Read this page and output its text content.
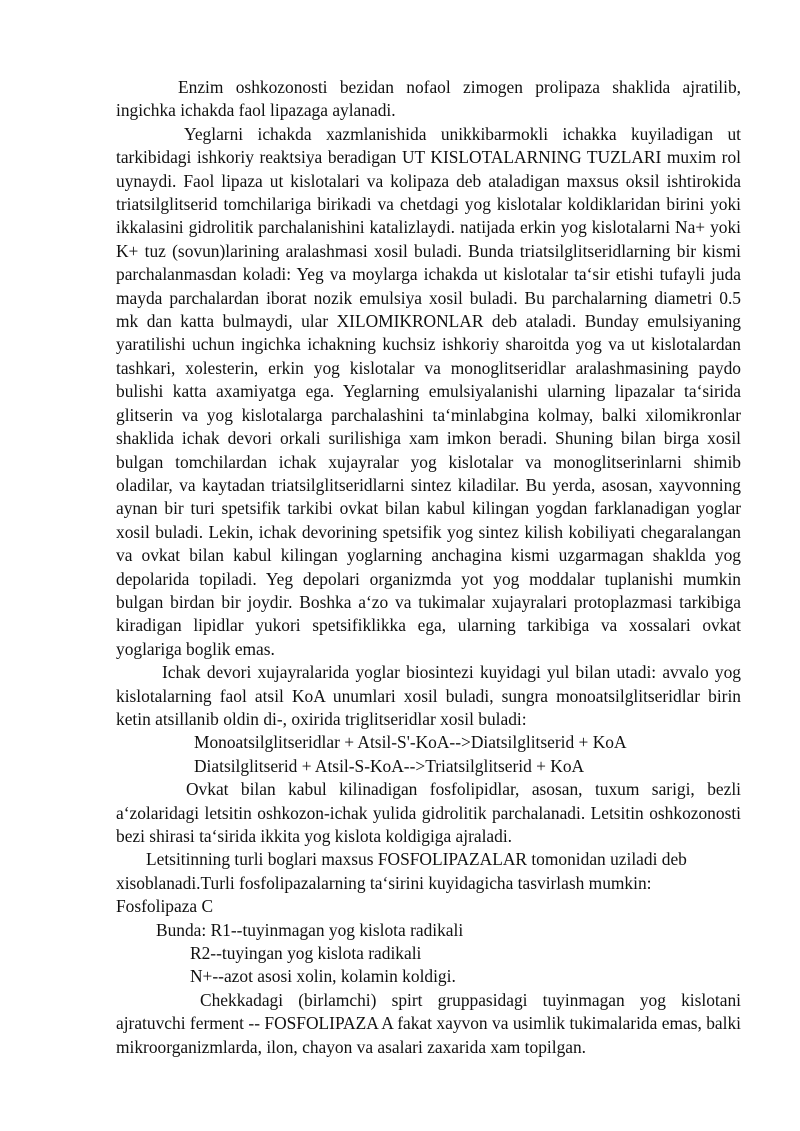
Enzim oshkozonosti bezidan nofaol zimogen prolipaza shaklida ajratilib, ingichka ichakda faol lipazaga aylanadi.

Yeglarni ichakda xazmlanishida unikkibarmokli ichakka kuyiladigan ut tarkibidagi ishkoriy reaktsiya beradigan UT KISLOTALARNING TUZLARI muxim rol uynaydi. Faol lipaza ut kislotalari va kolipaza deb ataladigan maxsus oksil ishtirokida triatsilglitserid tomchilariga birikadi va chetdagi yog kislotalar koldiklaridan birini yoki ikkalasini gidrolitik parchalanishini katalizlaydi. natijada erkin yog kislotalarni Na+ yoki K+ tuz (sovun)larining aralashmasi xosil buladi. Bunda triatsilglitseridlarning bir kismi parchalanmasdan koladi: Yeg va moylarga ichakda ut kislotalar ta‘sir etishi tufayli juda mayda parchalardan iborat nozik emulsiya xosil buladi. Bu parchalarning diametri 0.5 mk dan katta bulmaydi, ular XILOMIKRONLAR deb ataladi. Bunday emulsiyaning yaratilishi uchun ingichka ichakning kuchsiz ishkoriy sharoitda yog va ut kislotalardan tashkari, xolesterin, erkin yog kislotalar va monoglitseridlar aralashmasining paydo bulishi katta axamiyatga ega. Yeglarning emulsiyalanishi ularning lipazalar ta‘sirida glitserin va yog kislotalarga parchalashini ta‘minlabgina kolmay, balki xilomikronlar shaklida ichak devori orkali surilishiga xam imkon beradi. Shuning bilan birga xosil bulgan tomchilardan ichak xujayralar yog kislotalar va monoglitserinlarni shimib oladilar, va kaytadan triatsilglitseridlarni sintez kiladilar. Bu yerda, asosan, xayvonning aynan bir turi spetsifik tarkibi ovkat bilan kabul kilingan yogdan farklanadigan yoglar xosil buladi. Lekin, ichak devorining spetsifik yog sintez kilish kobiliyati chegaralangan va ovkat bilan kabul kilingan yoglarning anchagina kismi uzgarmagan shaklda yog depolarida topiladi. Yeg depolari organizmda yot yog moddalar tuplanishi mumkin bulgan birdan bir joydir. Boshka a‘zo va tukimalar xujayralari protoplazmasi tarkibiga kiradigan lipidlar yukori spetsifiklikka ega, ularning tarkibiga va xossalari ovkat yoglariga boglik emas.

Ichak devori xujayralarida yoglar biosintezi kuyidagi yul bilan utadi: avvalo yog kislotalarning faol atsil KoA unumlari xosil buladi, sungra monoatsilglitseridlar birin ketin atsillanib oldin di-, oxirida triglitseridlar xosil buladi:

Monoatsilglitseridlar + Atsil-S'-KoA-->Diatsilglitserid + KoA

Diatsilglitserid + Atsil-S-KoA-->Triatsilglitserid + KoA

Ovkat bilan kabul kilinadigan fosfolipidlar, asosan, tuxum sarigi, bezli a‘zolaridagi letsitin oshkozon-ichak yulida gidrolitik parchalanadi. Letsitin oshkozonosti bezi shirasi ta‘sirida ikkita yog kislota koldigiga ajraladi.

Letsitinning turli boglari maxsus FOSFOLIPAZALAR tomonidan uziladi deb xisoblanadi.Turli fosfolipazalarning ta‘sirini kuyidagicha tasvirlash mumkin:

Fosfolipaza C

Bunda: R1--tuyinmagan yog kislota radikali

R2--tuyingan yog kislota radikali

N+--azot asosi xolin, kolamin koldigi.

Chekkadagi (birlamchi) spirt gruppasidagi tuyinmagan yog kislotani ajratuvchi ferment -- FOSFOLIPAZA A fakat xayvon va usimlik tukimalarida emas, balki mikroorganizmlarda, ilon, chayon va asalari zaxarida xam topilgan.
